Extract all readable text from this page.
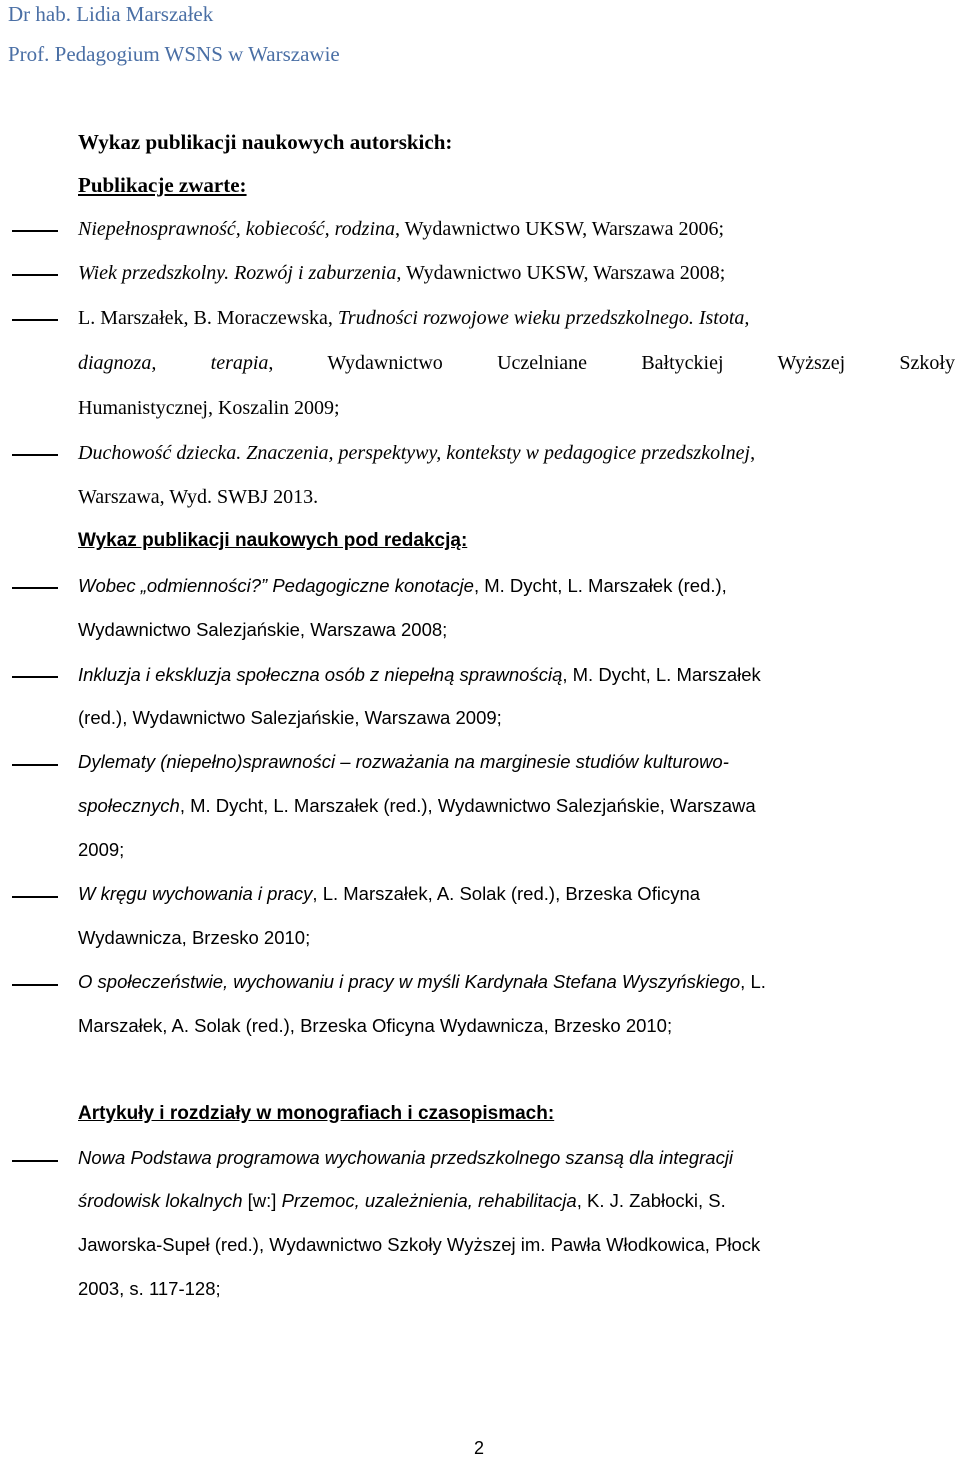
Dr hab. Lidia Marszałek
Prof. Pedagogium WSNS w Warszawie
Wykaz publikacji naukowych autorskich:
Publikacje zwarte:
Niepełnosprawność, kobiecość, rodzina, Wydawnictwo UKSW, Warszawa 2006;
Wiek przedszkolny. Rozwój i zaburzenia, Wydawnictwo UKSW, Warszawa 2008;
L. Marszałek, B. Moraczewska, Trudności rozwojowe wieku przedszkolnego. Istota,
diagnoza, terapia, Wydawnictwo Uczelniane Bałtyckiej Wyższej Szkoły
Humanistycznej, Koszalin 2009;
Duchowość dziecka. Znaczenia, perspektywy, konteksty w pedagogice przedszkolnej,
Warszawa, Wyd. SWBJ 2013.
Wykaz publikacji naukowych pod redakcją:
Wobec „odmienności?” Pedagogiczne konotacje, M. Dycht, L. Marszałek (red.),
Wydawnictwo Salezjańskie, Warszawa 2008;
Inkluzja i ekskluzja społeczna osób z niepełną sprawnością, M. Dycht, L. Marszałek
(red.), Wydawnictwo Salezjańskie, Warszawa 2009;
Dylematy (niepełno)sprawności – rozważania na marginesie studiów kulturowo-
społecznych, M. Dycht, L. Marszałek (red.), Wydawnictwo Salezjańskie, Warszawa
2009;
W kręgu wychowania i pracy, L. Marszałek, A. Solak (red.), Brzeska Oficyna
Wydawnicza, Brzesko 2010;
O społeczeństwie, wychowaniu i pracy w myśli Kardynała Stefana Wyszyńskiego, L.
Marszałek, A. Solak (red.), Brzeska Oficyna Wydawnicza, Brzesko 2010;
Artykuły i rozdziały w monografiach i czasopismach:
Nowa Podstawa programowa wychowania przedszkolnego szansą dla integracji
środowisk lokalnych [w:] Przemoc, uzależnienia, rehabilitacja, K. J. Zabłocki, S.
Jaworska-Supeł (red.), Wydawnictwo Szkoły Wyższej im. Pawła Włodkowica, Płock
2003, s. 117-128;
2
